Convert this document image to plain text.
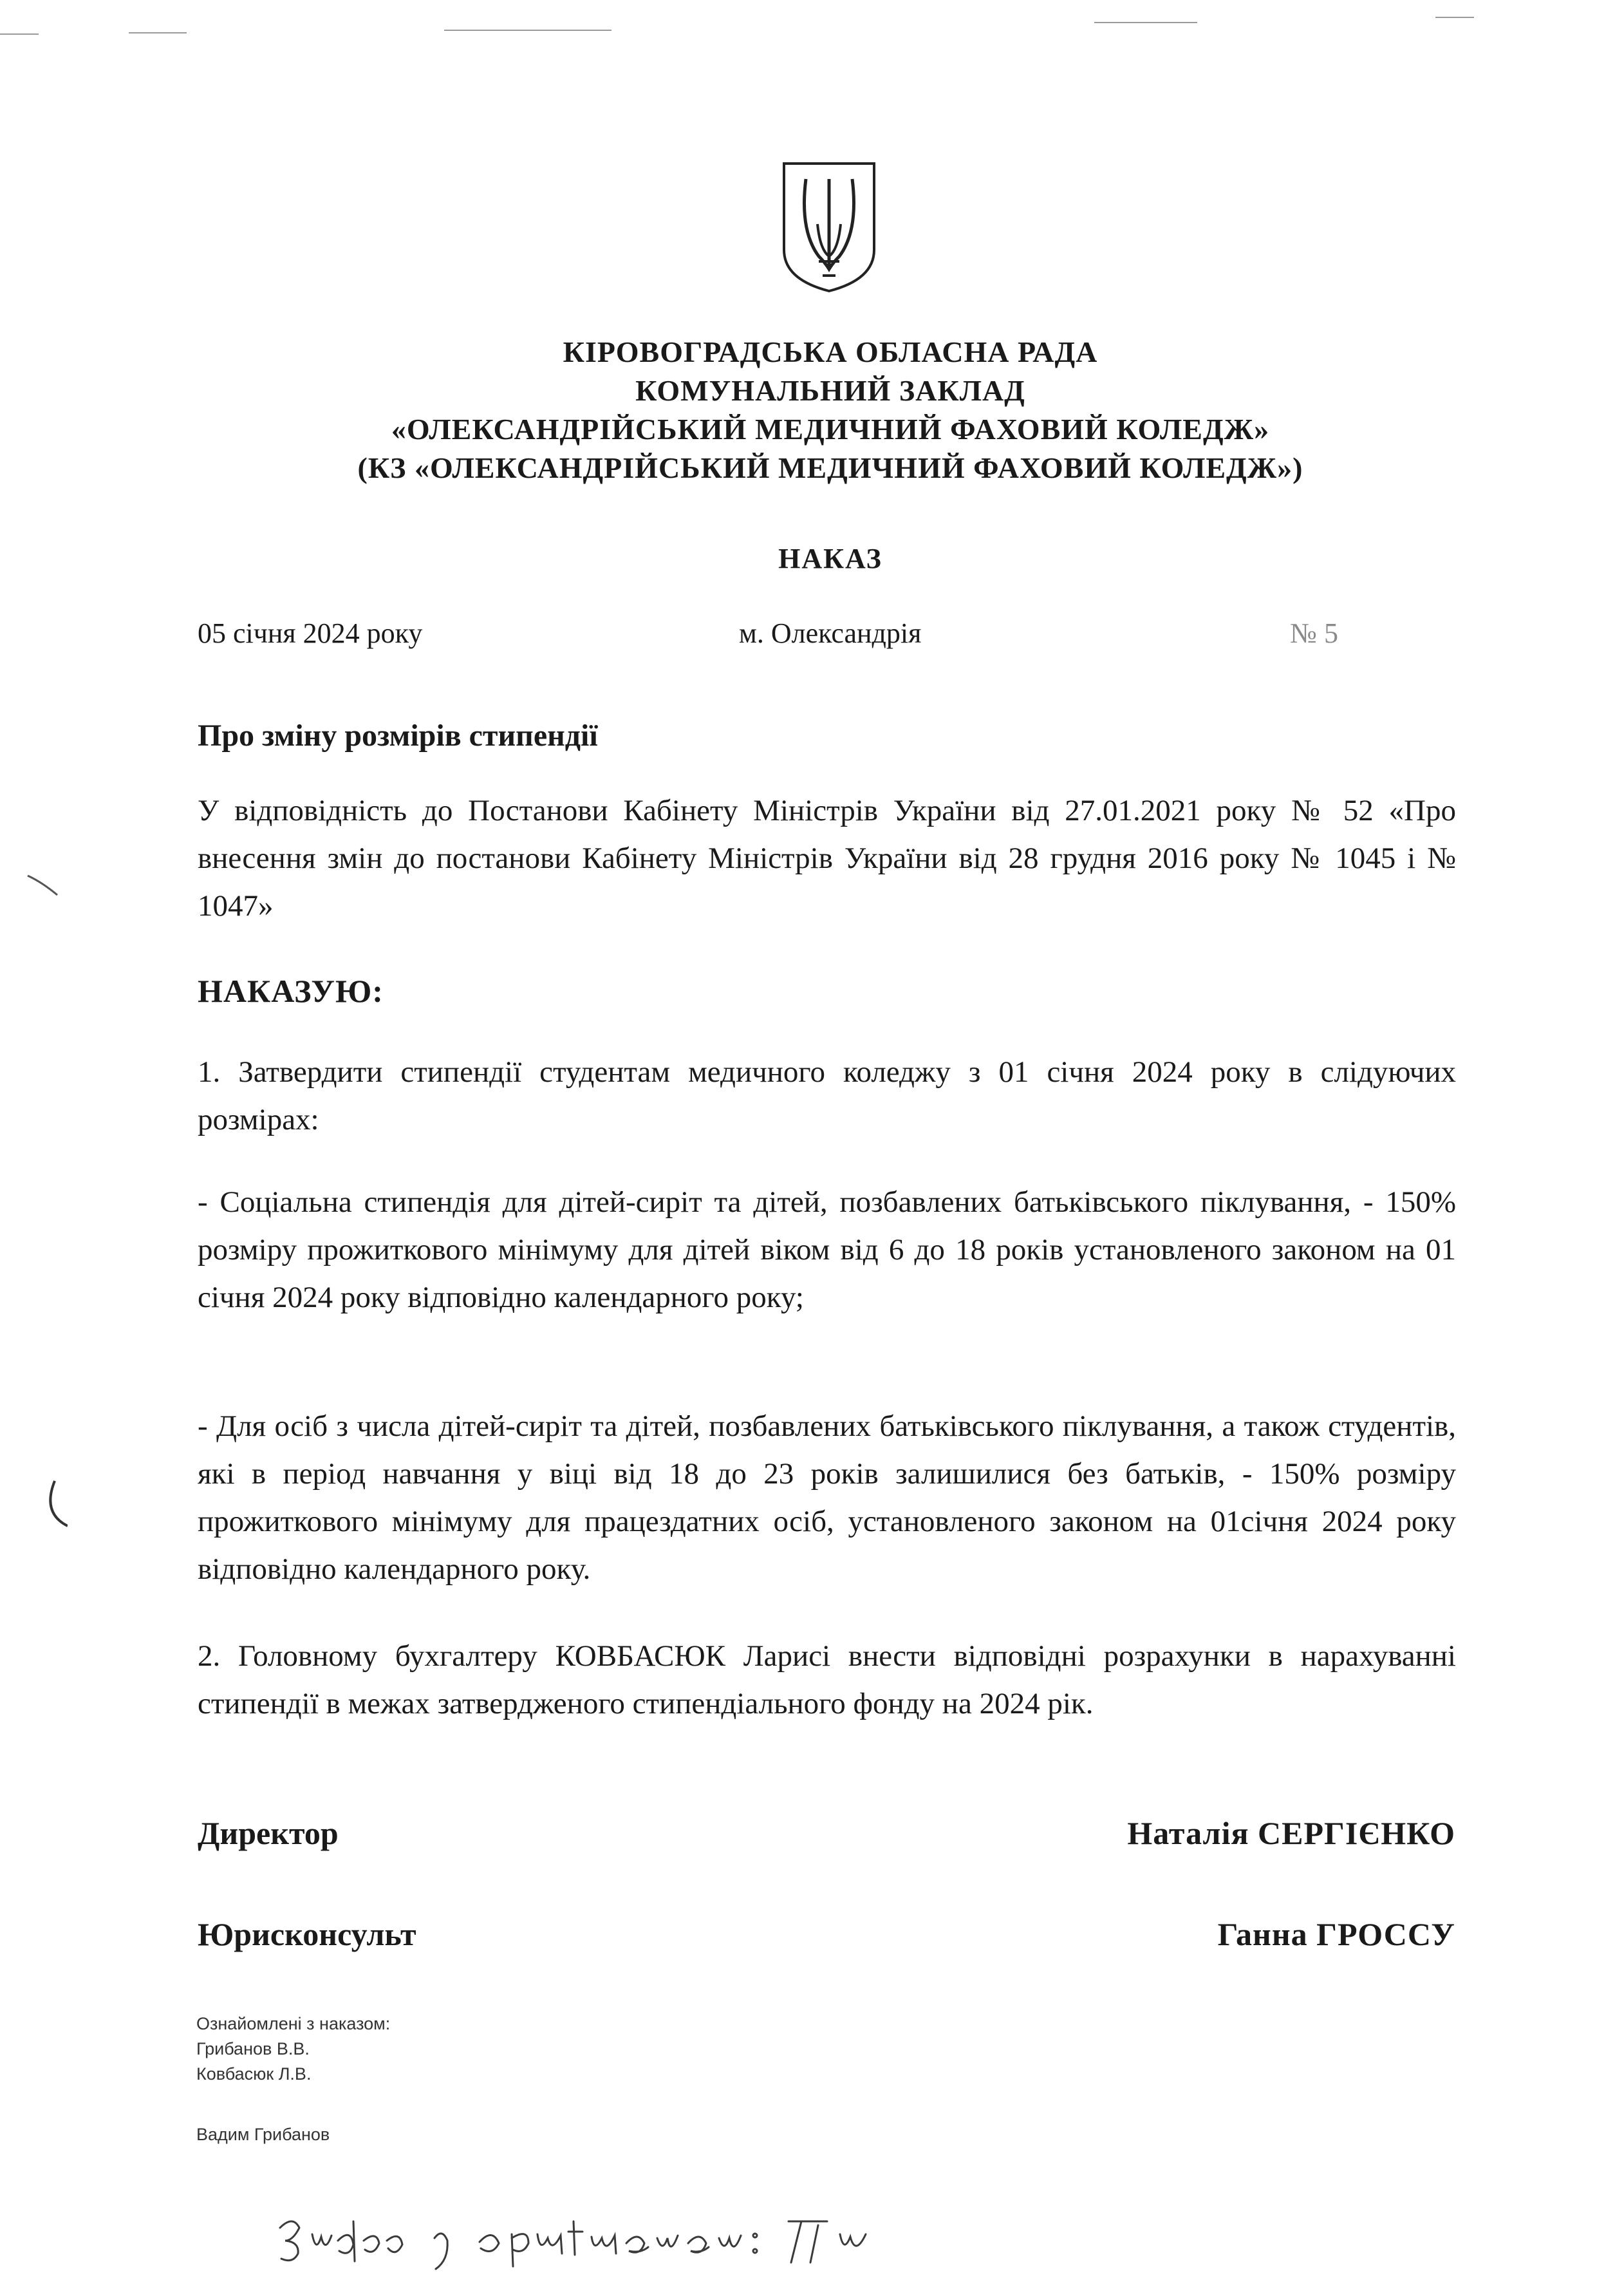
КІРОВОГРАДСЬКА ОБЛАСНА РАДА
КОМУНАЛЬНИЙ ЗАКЛАД
«ОЛЕКСАНДРІЙСЬКИЙ МЕДИЧНИЙ ФАХОВИЙ КОЛЕДЖ»
(КЗ «ОЛЕКСАНДРІЙСЬКИЙ МЕДИЧНИЙ ФАХОВИЙ КОЛЕДЖ»)
НАКАЗ
05 січня 2024 року	м. Олександрія	№ 5
Про зміну розмірів стипендії
У відповідність до Постанови Кабінету Міністрів України від 27.01.2021 року № 52 «Про внесення змін до постанови Кабінету Міністрів України від 28 грудня 2016 року № 1045 і № 1047»
НАКАЗУЮ:
1. Затвердити стипендії студентам медичного коледжу з 01 січня 2024 року в слідуючих розмірах:
- Соціальна стипендія для дітей-сиріт та дітей, позбавлених батьківського піклування, - 150% розміру прожиткового мінімуму для дітей віком від 6 до 18 років установленого законом на 01 січня 2024 року відповідно календарного року;
- Для осіб з числа дітей-сиріт та дітей, позбавлених батьківського піклування, а також студентів, які в період навчання у віці від 18 до 23 років залишилися без батьків, - 150% розміру прожиткового мінімуму для працездатних осіб, установленого законом на 01січня 2024 року відповідно календарного року.
2. Головному бухгалтеру КОВБАСЮК Ларисі внести відповідні розрахунки в нарахуванні стипендії в межах затвердженого стипендіального фонду на 2024 рік.
Директор	Наталія СЕРГІЄНКО
Юрисконсульт	Ганна ГРОССУ
Ознайомлені з наказом:
Грибанов В.В.
Ковбасюк Л.В.
Вадим Грибанов
